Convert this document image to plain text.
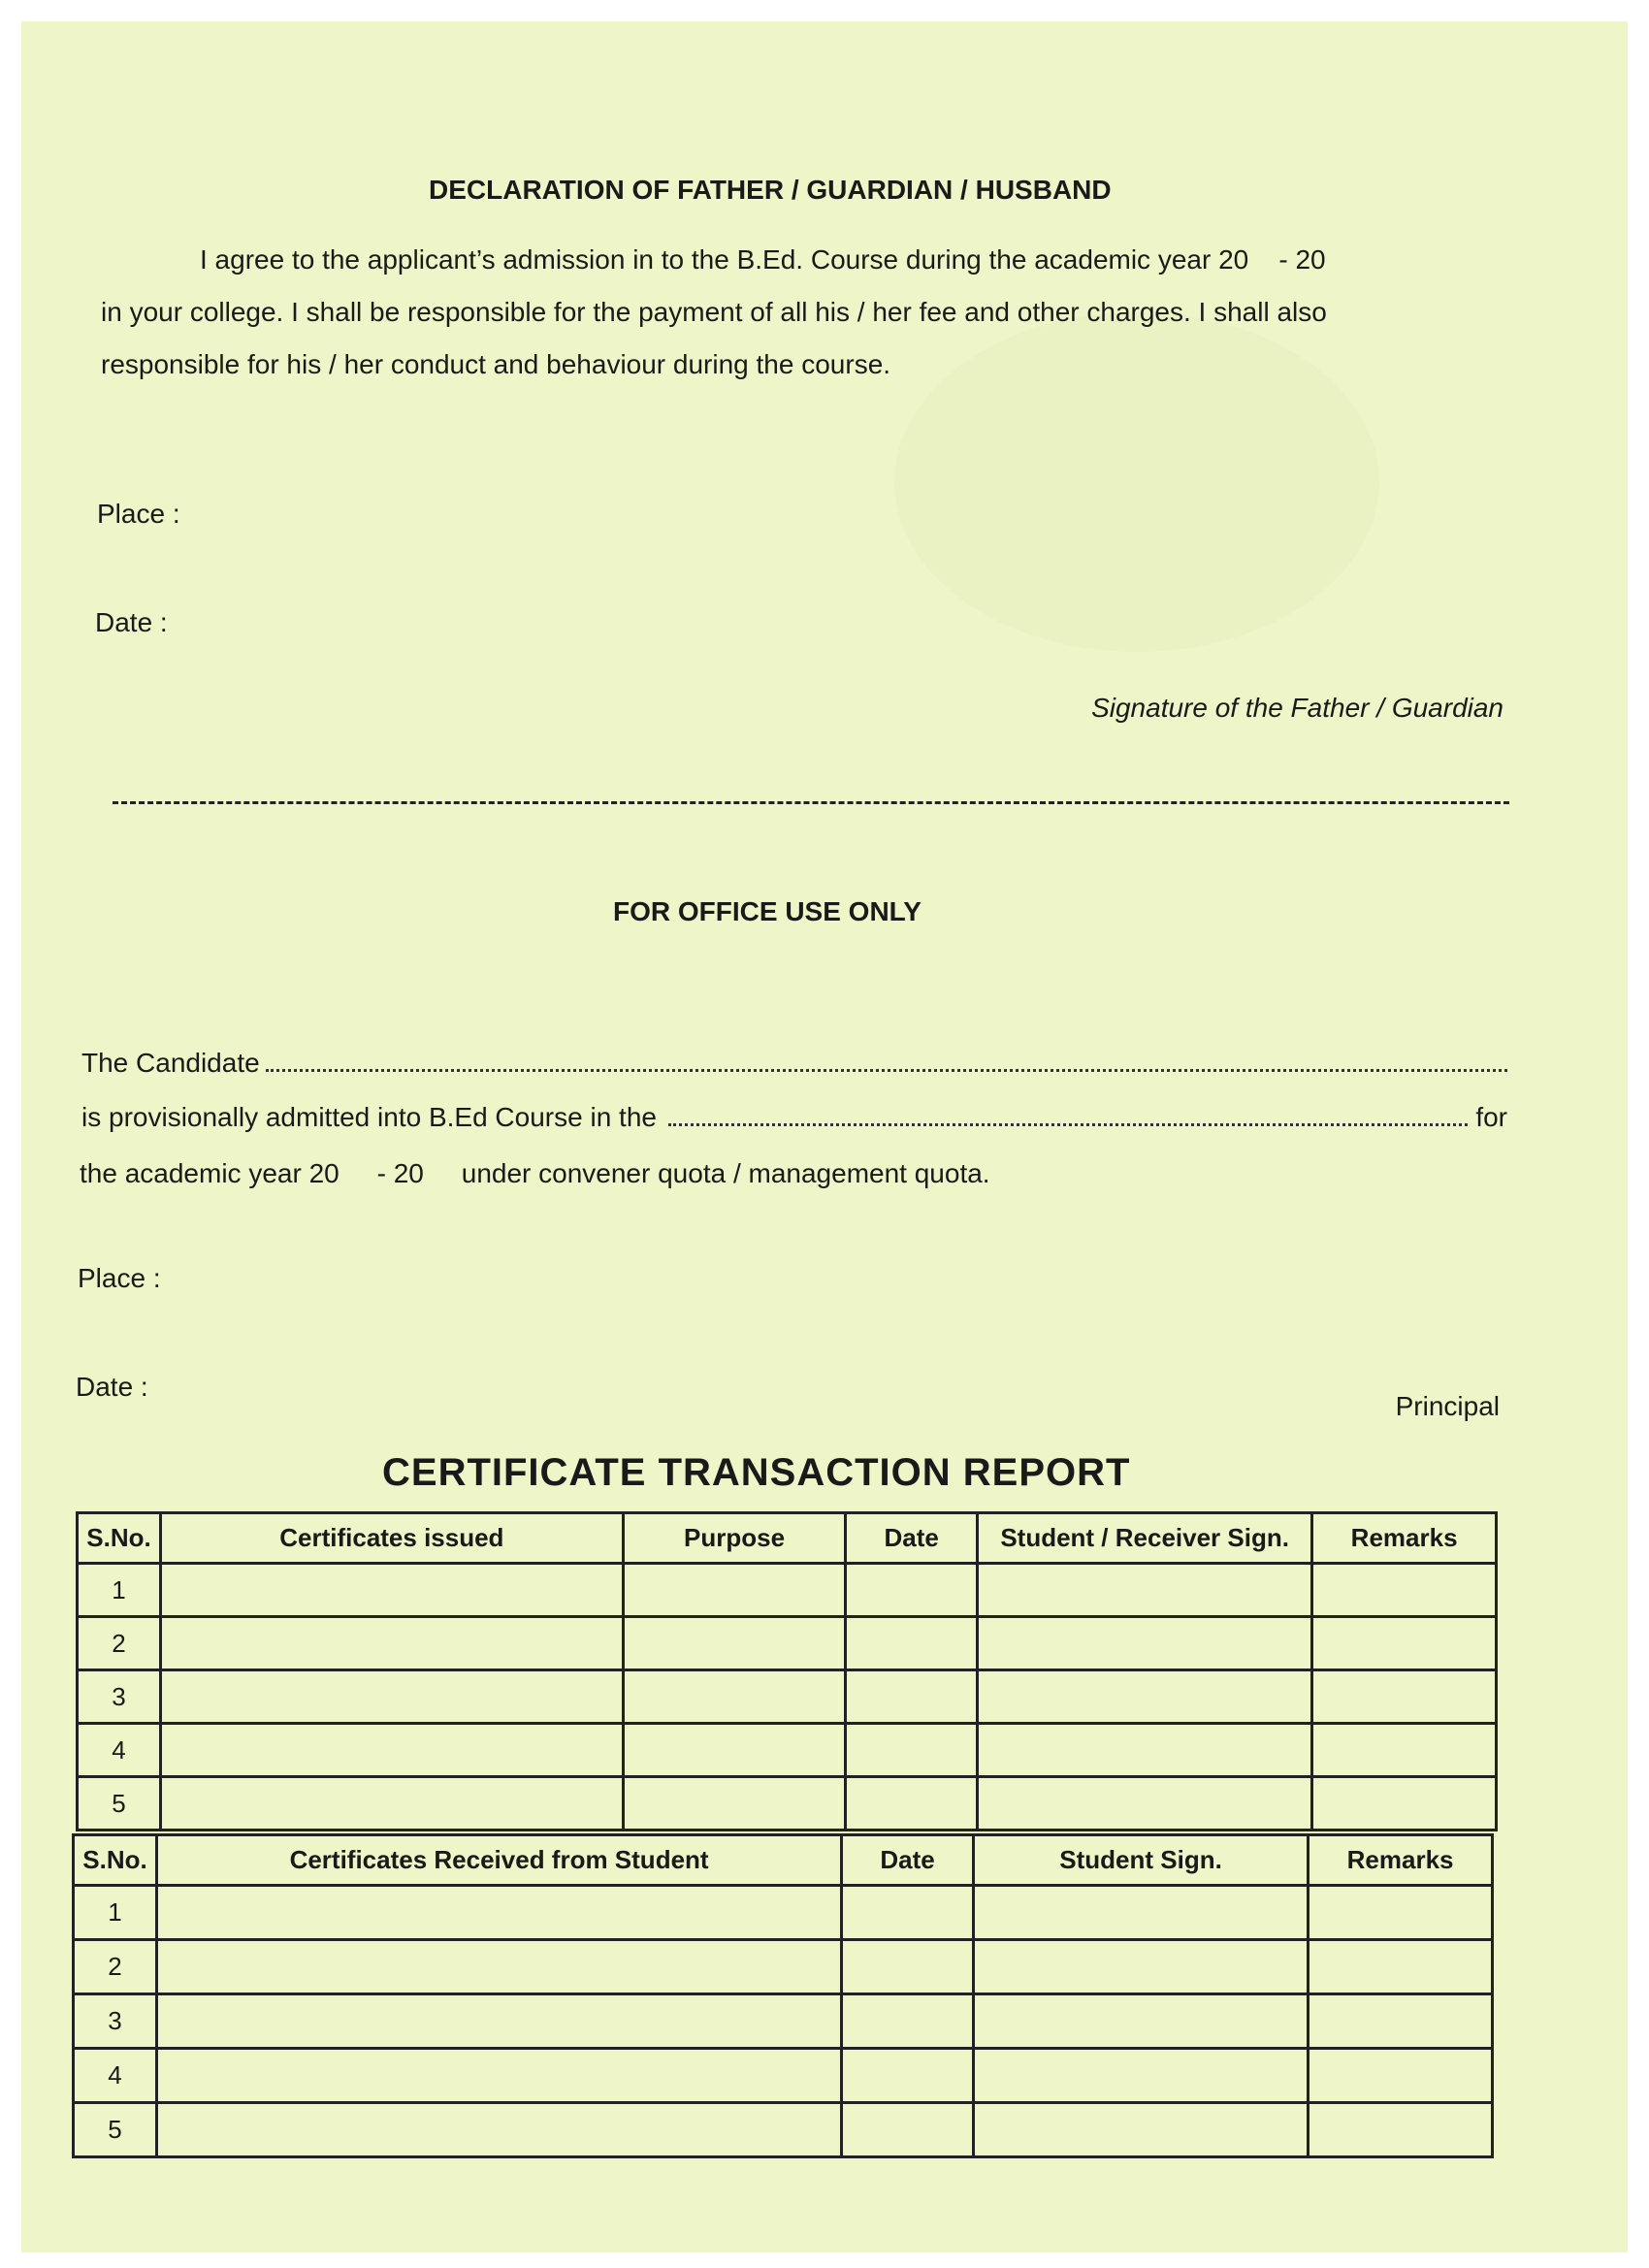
DECLARATION OF FATHER / GUARDIAN / HUSBAND
I agree to the applicant’s admission in to the B.Ed. Course during the academic year 20    - 20
in your college. I shall be responsible for the payment of all his / her fee and other charges. I shall also
responsible for his / her conduct and behaviour during the course.
Place :
Date :
Signature of the Father / Guardian
FOR OFFICE USE ONLY
The Candidate
is provisionally admitted into B.Ed Course in the	for
the academic year 20     - 20     under convener quota / management quota.
Place :
Date :
Principal
CERTIFICATE TRANSACTION REPORT
S.No.	Certificates issued	Purpose	Date	Student / Receiver Sign.	Remarks
1					
2					
3					
4					
5					
S.No.	Certificates Received from Student	Date	Student Sign.	Remarks
1				
2				
3				
4				
5				
